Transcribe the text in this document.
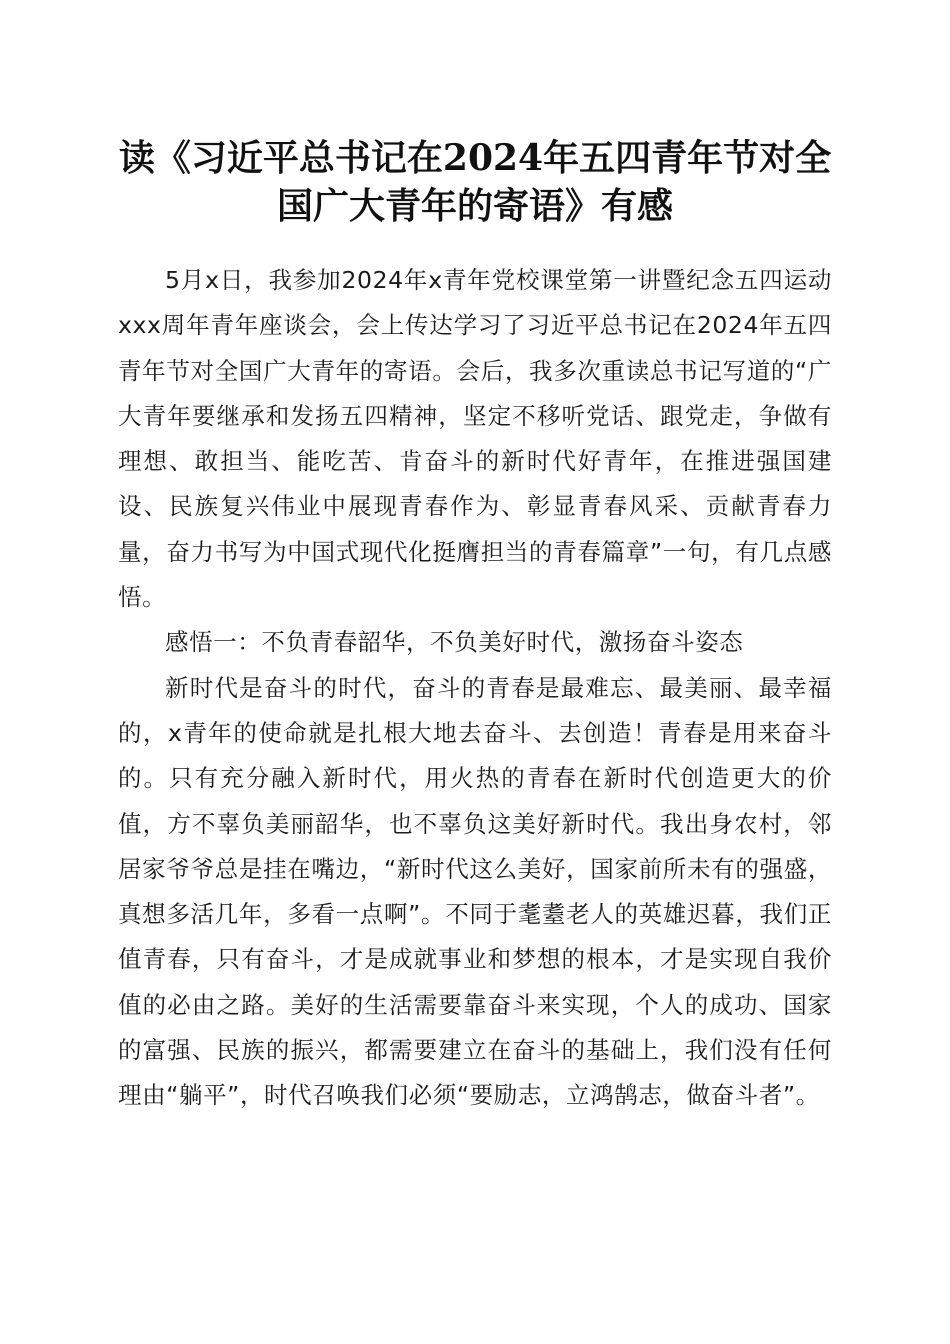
读《习近平总书记在2024年五四青年节对全国广大青年的寄语》有感

5月x日，我参加2024年x青年党校课堂第一讲暨纪念五四运动xxx周年青年座谈会，会上传达学习了习近平总书记在2024年五四青年节对全国广大青年的寄语。会后，我多次重读总书记写道的“广大青年要继承和发扬五四精神，坚定不移听党话、跟党走，争做有理想、敢担当、能吃苦、肯奋斗的新时代好青年，在推进强国建设、民族复兴伟业中展现青春作为、彰显青春风采、贡献青春力量，奋力书写为中国式现代化挺膺担当的青春篇章”一句，有几点感悟。

感悟一：不负青春韶华，不负美好时代，激扬奋斗姿态

新时代是奋斗的时代，奋斗的青春是最难忘、最美丽、最幸福的，x青年的使命就是扎根大地去奋斗、去创造！青春是用来奋斗的。只有充分融入新时代，用火热的青春在新时代创造更大的价值，方不辜负美丽韶华，也不辜负这美好新时代。我出身农村，邻居家爷爷总是挂在嘴边，“新时代这么美好，国家前所未有的强盛，真想多活几年，多看一点啊”。不同于耄耋老人的英雄迟暮，我们正值青春，只有奋斗，才是成就事业和梦想的根本，才是实现自我价值的必由之路。美好的生活需要靠奋斗来实现，个人的成功、国家的富强、民族的振兴，都需要建立在奋斗的基础上，我们没有任何理由“躺平”，时代召唤我们必须“要励志，立鸿鹄志，做奋斗者”。
